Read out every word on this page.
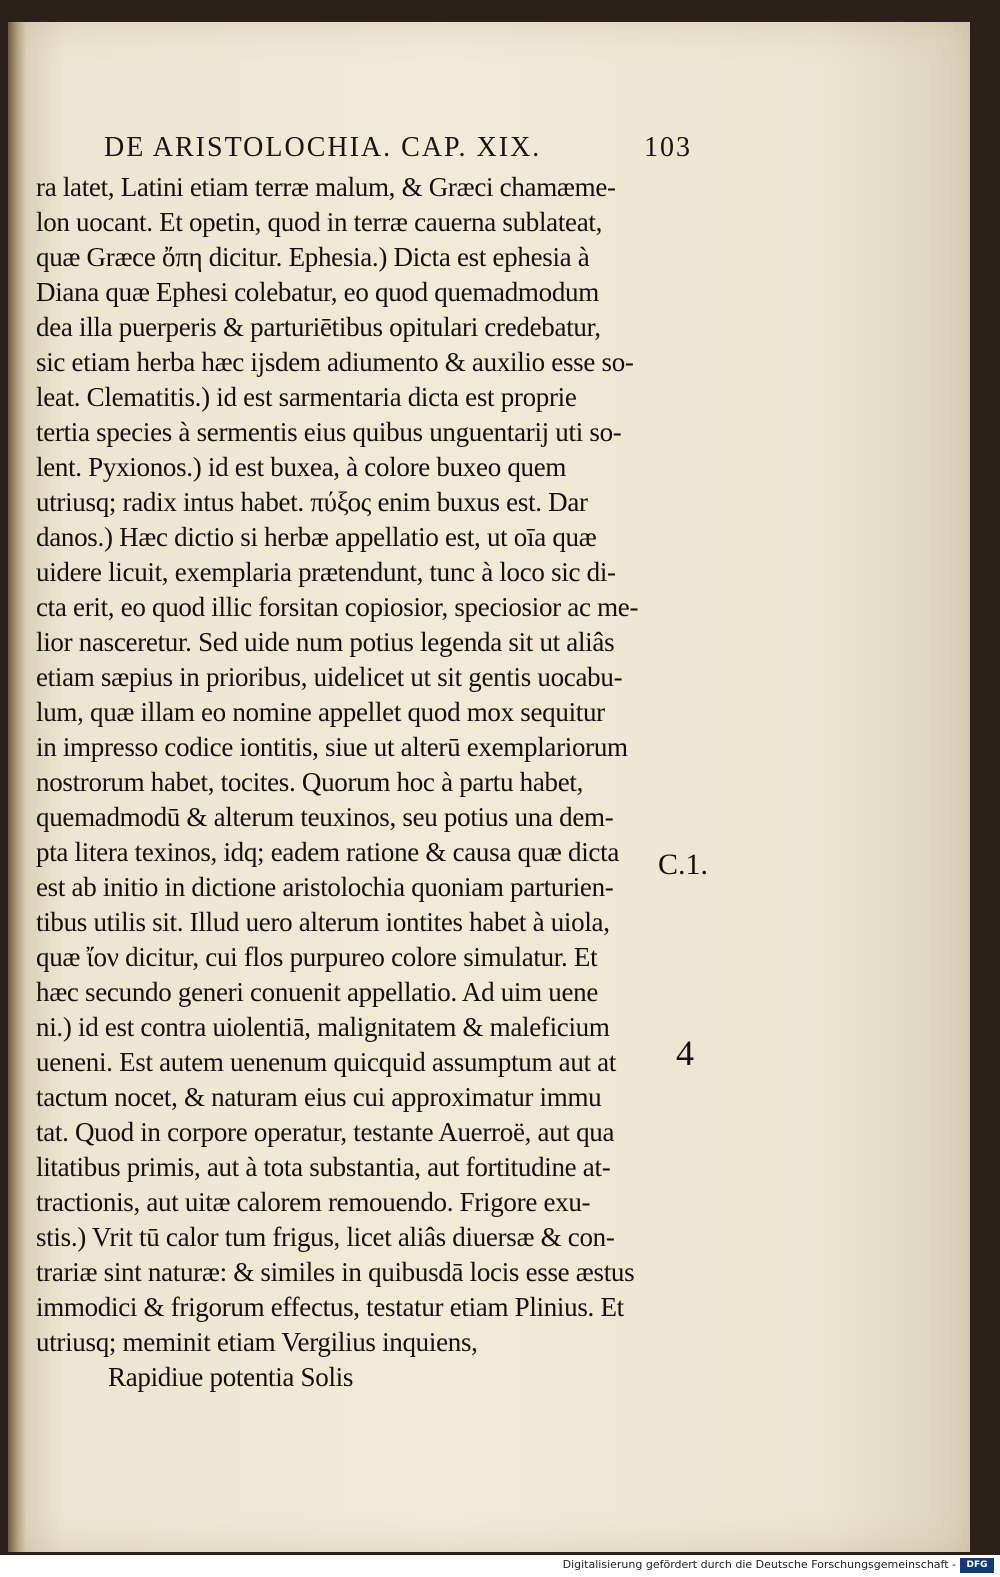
DE ARISTOLOCHIA. CAP. XIX.	103
ra latet, Latini etiam terræ malum, & Græci chamæme-
lon uocant. Et opetin, quod in terræ cauerna sublateat,
quæ Græce ὄπη dicitur. Ephesia.) Dicta est ephesia à
Diana quæ Ephesi colebatur, eo quod quemadmodum
dea illa puerperis & parturiētibus opitulari credebatur,
sic etiam herba hæc ijsdem adiumento & auxilio esse so-
leat. Clematitis.) id est sarmentaria dicta est proprie
tertia species à sermentis eius quibus unguentarij uti so-
lent. Pyxionos.) id est buxea, à colore buxeo quem
utriusq; radix intus habet. πύξος enim buxus est. Dar
danos.) Hæc dictio si herbæ appellatio est, ut oīa quæ
uidere licuit, exemplaria prætendunt, tunc à loco sic di-
cta erit, eo quod illic forsitan copiosior, speciosior ac me-
lior nasceretur. Sed uide num potius legenda sit ut aliâs
etiam sæpius in prioribus, uidelicet ut sit gentis uocabu-
lum, quæ illam eo nomine appellet quod mox sequitur
in impresso codice iontitis, siue ut alterū exemplariorum
nostrorum habet, tocites. Quorum hoc à partu habet,
quemadmodū & alterum teuxinos, seu potius una dem-
pta litera texinos, idq; eadem ratione & causa quæ dicta
est ab initio in dictione aristolochia quoniam parturien-
tibus utilis sit. Illud uero alterum iontites habet à uiola,
quæ ἴον dicitur, cui flos purpureo colore simulatur. Et
hæc secundo generi conuenit appellatio. Ad uim uene
ni.) id est contra uiolentiā, malignitatem & maleficium
ueneni. Est autem uenenum quicquid assumptum aut at
tactum nocet, & naturam eius cui approximatur immu
tat. Quod in corpore operatur, testante Auerroë, aut qua
litatibus primis, aut à tota substantia, aut fortitudine at-
tractionis, aut uitæ calorem remouendo. Frigore exu-
stis.) Vrit tū calor tum frigus, licet aliâs diuersæ & con-
trariæ sint naturæ: & similes in quibusdā locis esse æstus
immodici & frigorum effectus, testatur etiam Plinius. Et
utriusq; meminit etiam Vergilius inquiens,
Rapidiue potentia Solis
C.1.
4
Digitalisierung gefördert durch die Deutsche Forschungsgemeinschaft -	DFG
